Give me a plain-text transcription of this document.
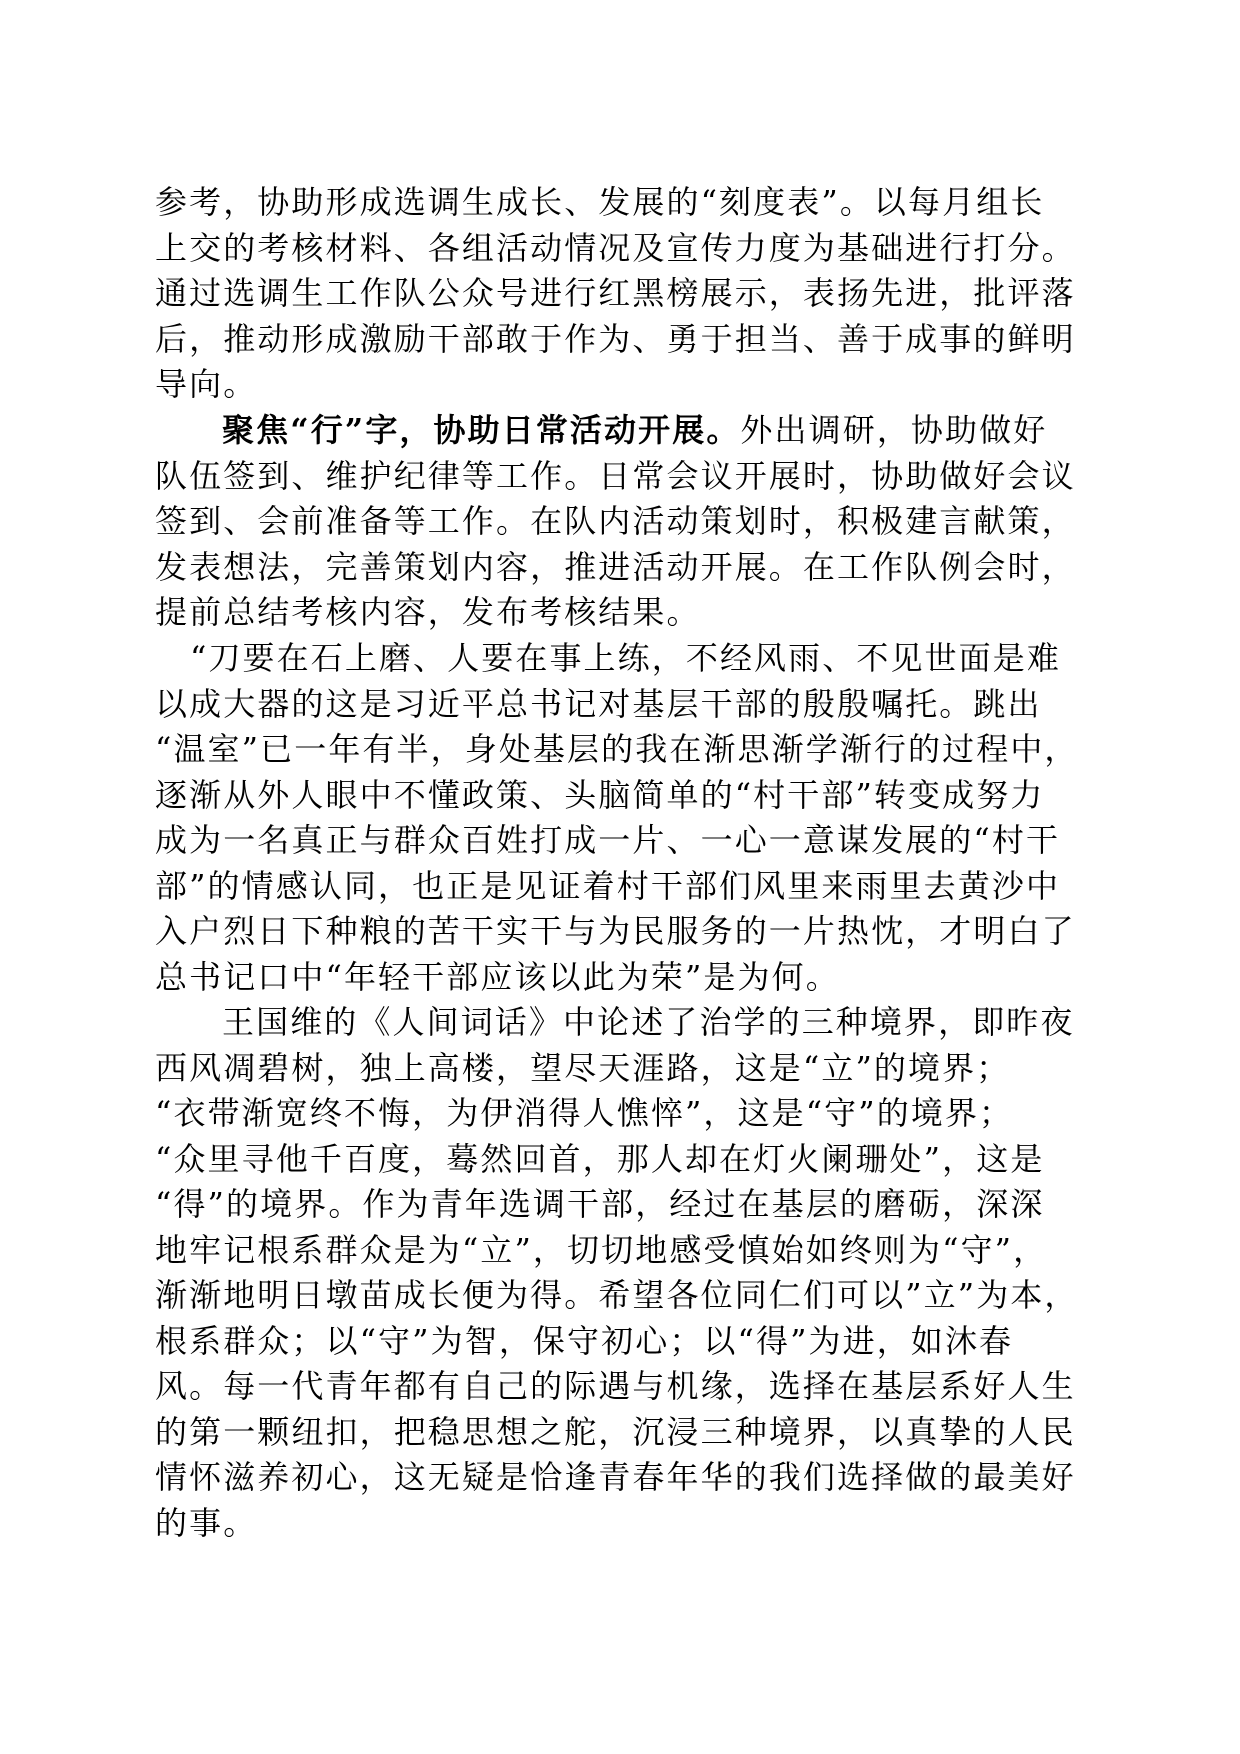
参考，协助形成选调生成长、发展的“刻度表”。以每月组长
上交的考核材料、各组活动情况及宣传力度为基础进行打分。
通过选调生工作队公众号进行红黑榜展示，表扬先进，批评落
后，推动形成激励干部敢于作为、勇于担当、善于成事的鲜明
导向。
聚焦“行”字，协助日常活动开展。外出调研，协助做好
队伍签到、维护纪律等工作。日常会议开展时，协助做好会议
签到、会前准备等工作。在队内活动策划时，积极建言献策，
发表想法，完善策划内容，推进活动开展。在工作队例会时，
提前总结考核内容，发布考核结果。
“刀要在石上磨、人要在事上练，不经风雨、不见世面是难
以成大器的这是习近平总书记对基层干部的殷殷嘱托。跳出
“温室”已一年有半，身处基层的我在渐思渐学渐行的过程中，
逐渐从外人眼中不懂政策、头脑简单的“村干部”转变成努力
成为一名真正与群众百姓打成一片、一心一意谋发展的“村干
部”的情感认同，也正是见证着村干部们风里来雨里去黄沙中
入户烈日下种粮的苦干实干与为民服务的一片热忱，才明白了
总书记口中“年轻干部应该以此为荣”是为何。
王国维的《人间词话》中论述了治学的三种境界，即昨夜
西风凋碧树，独上高楼，望尽天涯路，这是“立”的境界；
“衣带渐宽终不悔，为伊消得人憔悴”，这是“守”的境界；
“众里寻他千百度，蓦然回首，那人却在灯火阑珊处”，这是
“得”的境界。作为青年选调干部，经过在基层的磨砺，深深
地牢记根系群众是为“立”，切切地感受慎始如终则为“守”，
渐渐地明日墩苗成长便为得。希望各位同仁们可以”立”为本，
根系群众；以“守”为智，保守初心；以“得”为进，如沐春
风。每一代青年都有自己的际遇与机缘，选择在基层系好人生
的第一颗纽扣，把稳思想之舵，沉浸三种境界，以真挚的人民
情怀滋养初心，这无疑是恰逢青春年华的我们选择做的最美好
的事。
